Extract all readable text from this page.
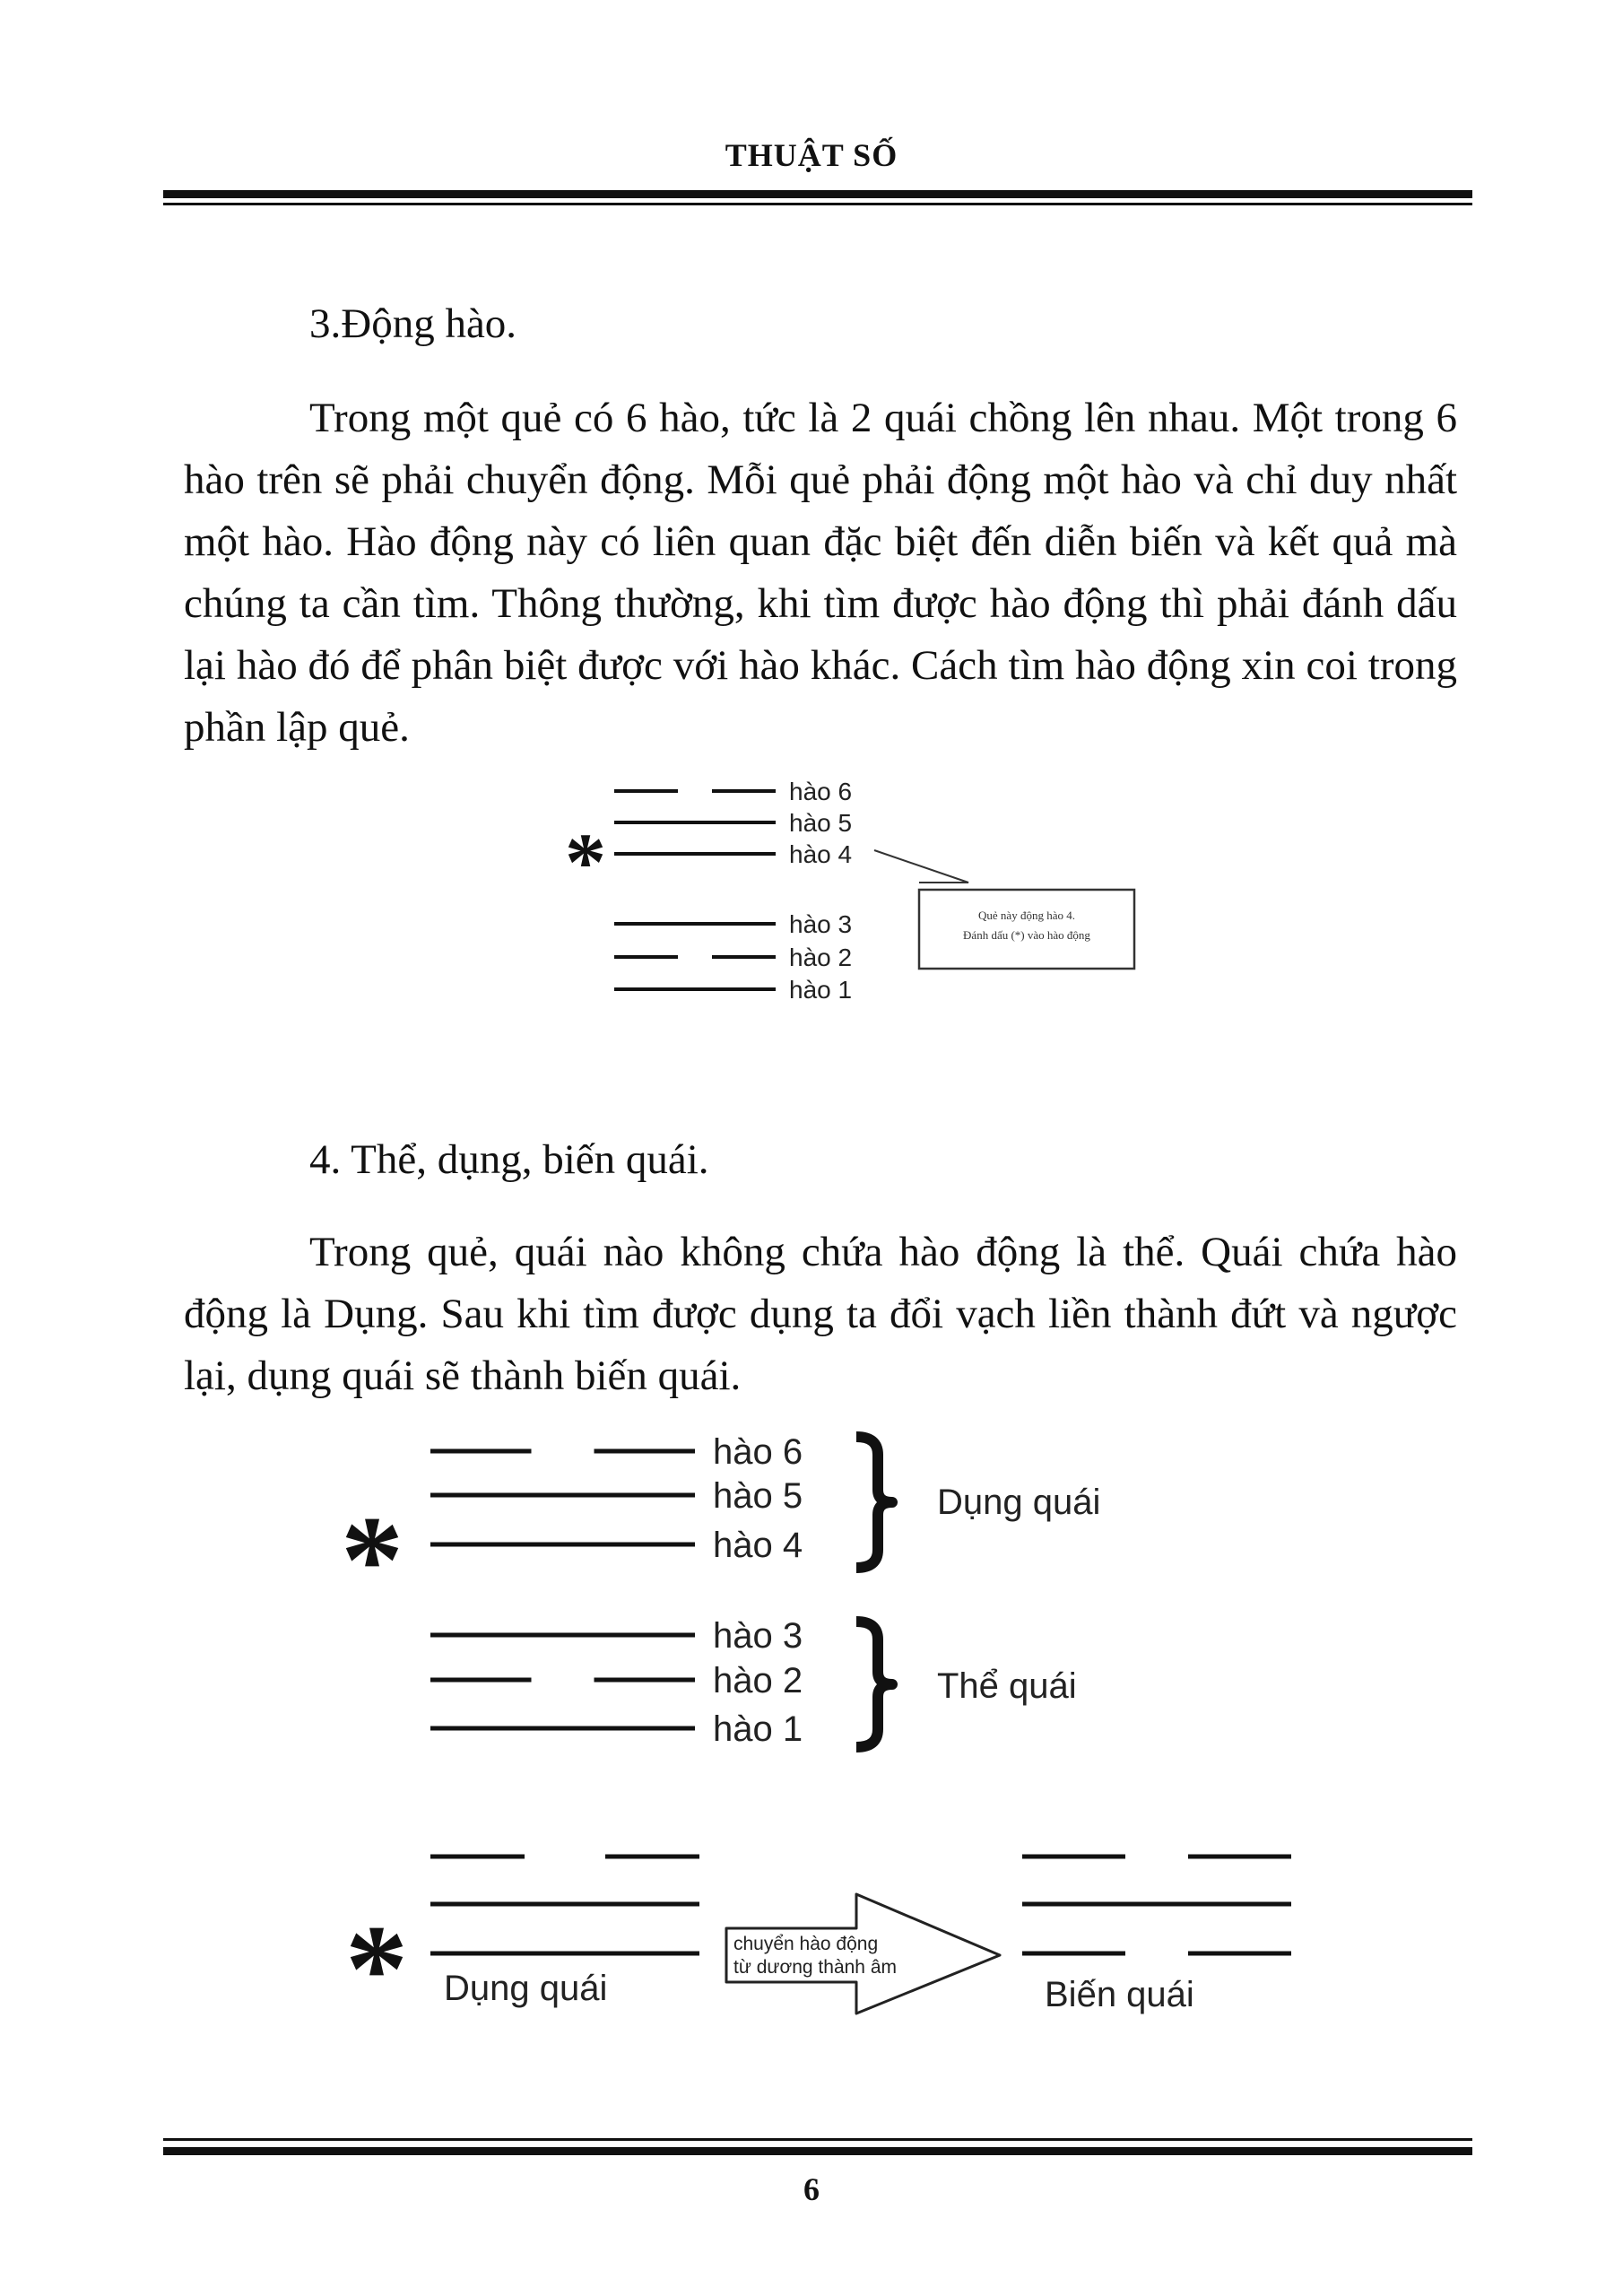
THUẬT SỐ
3.Động hào.

Trong một quẻ có 6 hào, tức là 2 quái chồng lên nhau. Một trong 6 hào trên sẽ phải chuyển động. Mỗi quẻ phải động một hào và chỉ duy nhất một hào. Hào động này có liên quan đặc biệt đến diễn biến và kết quả mà chúng ta cần tìm. Thông thường, khi tìm được hào động thì phải đánh dấu lại hào đó để phân biệt được với hào khác. Cách tìm hào động xin coi trong phần lập quẻ.

hào 6
hào 5
hào 4
*
hào 3
hào 2
hào 1
Quẻ này động hào 4.
Đánh dấu (*) vào hào động
4. Thể, dụng, biến quái.

Trong quẻ, quái nào không chứa hào động là thể. Quái chứa hào động là Dụng. Sau khi tìm được dụng ta đổi vạch liền thành đứt và ngược lại, dụng quái sẽ thành biến quái.

hào 6
hào 5
hào 4
*
hào 3
hào 2
hào 1
Dụng quái
Thể quái
* Dụng quái	Biến quái
chuyển hào động
từ dương thành âm
6
